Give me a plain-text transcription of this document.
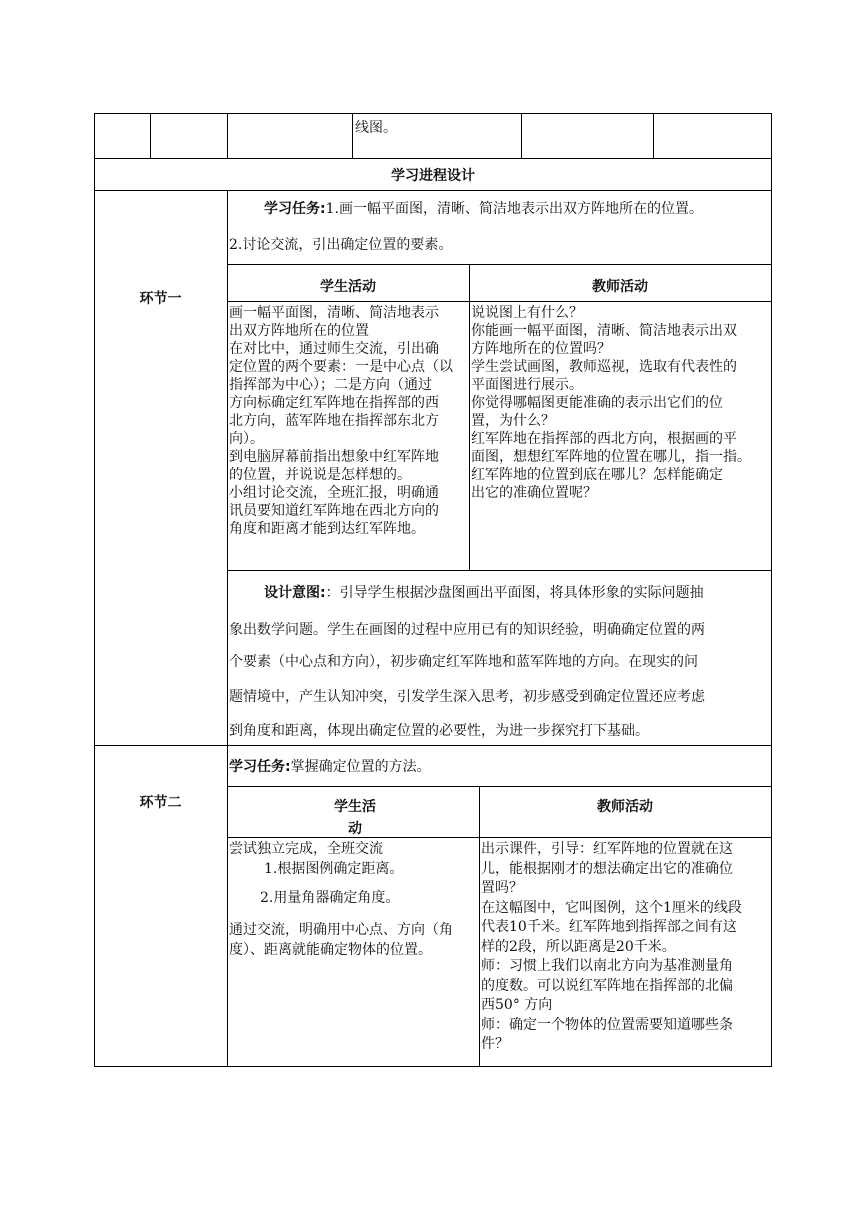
线图。
学习进程设计
环节一
学习任务:1.画一幅平面图，清晰、简洁地表示出双方阵地所在的位置。
2.讨论交流，引出确定位置的要素。
学生活动	教师活动
画一幅平面图，清晰、简洁地表示
出双方阵地所在的位置
在对比中，通过师生交流，引出确
定位置的两个要素：一是中心点（以
指挥部为中心）；二是方向（通过
方向标确定红军阵地在指挥部的西
北方向，蓝军阵地在指挥部东北方
向）。
到电脑屏幕前指出想象中红军阵地
的位置，并说说是怎样想的。
小组讨论交流，全班汇报，明确通
讯员要知道红军阵地在西北方向的
角度和距离才能到达红军阵地。
说说图上有什么？
你能画一幅平面图，清晰、简洁地表示出双
方阵地所在的位置吗？
学生尝试画图，教师巡视，选取有代表性的
平面图进行展示。
你觉得哪幅图更能准确的表示出它们的位
置，为什么？
红军阵地在指挥部的西北方向，根据画的平
面图，想想红军阵地的位置在哪儿，指一指。
红军阵地的位置到底在哪儿？怎样能确定
出它的准确位置呢？
设计意图:：引导学生根据沙盘图画出平面图，将具体形象的实际问题抽
象出数学问题。学生在画图的过程中应用已有的知识经验，明确确定位置的两
个要素（中心点和方向），初步确定红军阵地和蓝军阵地的方向。在现实的问
题情境中，产生认知冲突，引发学生深入思考，初步感受到确定位置还应考虑
到角度和距离，体现出确定位置的必要性，为进一步探究打下基础。
环节二
学习任务:掌握确定位置的方法。
学生活
动
教师活动
尝试独立完成，全班交流
1.根据图例确定距离。
2.用量角器确定角度。
通过交流，明确用中心点、方向（角
度）、距离就能确定物体的位置。
出示课件，引导：红军阵地的位置就在这
儿，能根据刚才的想法确定出它的准确位
置吗？
在这幅图中，它叫图例，这个1厘米的线段
代表10千米。红军阵地到指挥部之间有这
样的2段，所以距离是20千米。
师：习惯上我们以南北方向为基准测量角
的度数。可以说红军阵地在指挥部的北偏
西50° 方向
师：确定一个物体的位置需要知道哪些条
件？
